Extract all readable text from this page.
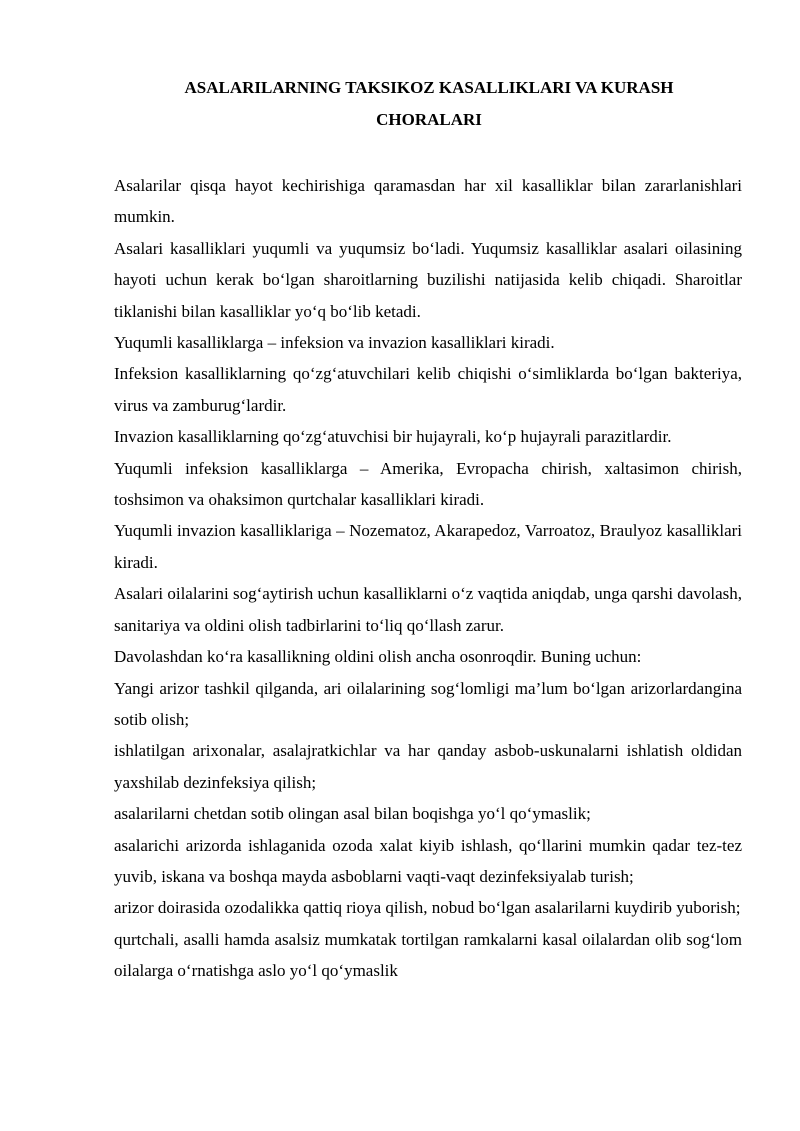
ASALARILARNING TAKSIKOZ KASALLIKLARI VA KURASH
CHORALARI

Asalarilar qisqa hayot kechirishiga qaramasdan har xil kasalliklar bilan zararlanishlari mumkin.

Asalari kasalliklari yuqumli va yuqumsiz bo‘ladi. Yuqumsiz kasalliklar asalari oilasining hayoti uchun kerak bo‘lgan sharoitlarning buzilishi natijasida kelib chiqadi. Sharoitlar tiklanishi bilan kasalliklar yo‘q bo‘lib ketadi.

Yuqumli kasalliklarga – infeksion va invazion kasalliklari kiradi.

Infeksion kasalliklarning qo‘zg‘atuvchilari kelib chiqishi o‘simliklarda bo‘lgan bakteriya, virus va zamburug‘lardir.

Invazion kasalliklarning qo‘zg‘atuvchisi bir hujayrali, ko‘p hujayrali parazitlardir.

Yuqumli infeksion kasalliklarga – Amerika, Evropacha chirish, xaltasimon chirish, toshsimon va ohaksimon qurtchalar kasalliklari kiradi.

Yuqumli invazion kasalliklariga – Nozematoz, Akarapedoz, Varroatoz, Braulyoz kasalliklari kiradi.

Asalari oilalarini sog‘aytirish uchun kasalliklarni o‘z vaqtida aniqdab, unga qarshi davolash, sanitariya va oldini olish tadbirlarini to‘liq qo‘llash zarur.

Davolashdan ko‘ra kasallikning oldini olish ancha osonroqdir. Buning uchun:

Yangi arizor tashkil qilganda, ari oilalarining sog‘lomligi ma’lum bo‘lgan arizorlardangina sotib olish;

ishlatilgan arixonalar, asalajratkichlar va har qanday asbob-uskunalarni ishlatish oldidan yaxshilab dezinfeksiya qilish;

asalarilarni chetdan sotib olingan asal bilan boqishga yo‘l qo‘ymaslik;

asalarichi arizorda ishlaganida ozoda xalat kiyib ishlash, qo‘llarini mumkin qadar tez-tez yuvib, iskana va boshqa mayda asboblarni vaqti-vaqt dezinfeksiyalab turish;

arizor doirasida ozodalikka qattiq rioya qilish, nobud bo‘lgan asalarilarni kuydirib yuborish;

qurtchali, asalli hamda asalsiz mumkatak tortilgan ramkalarni kasal oilalardan olib sog‘lom oilalarga o‘rnatishga aslo yo‘l qo‘ymaslik
